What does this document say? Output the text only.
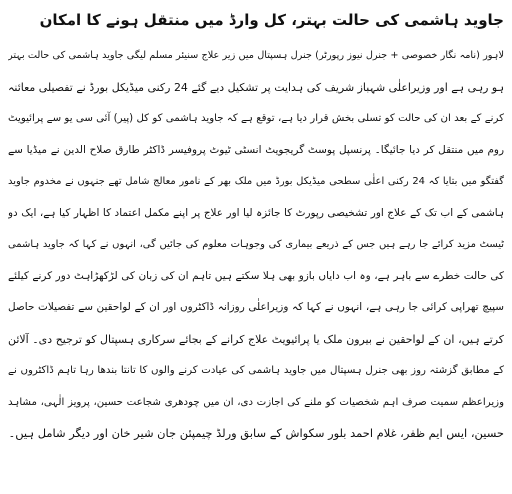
جاوید ہاشمی کی حالت بہتر، کل وارڈ میں منتقل ہونے کا امکان
لاہور (نامہ نگار خصوصی + جنرل نیوز رپورٹر) جنرل ہسپتال میں زیر علاج سنیئر مسلم لیگی جاوید ہاشمی کی حالت بہتر
ہو رہی ہے اور وزیراعلٰی شہباز شریف کی ہدایت پر تشکیل دیے گئے 24 رکنی میڈیکل بورڈ نے تفصیلی معائنہ
کرنے کے بعد ان کی حالت کو تسلی بخش قرار دیا ہے، توقع ہے کہ جاوید ہاشمی کو کل (پیر) آئی سی یو سے پرائیویٹ
روم میں منتقل کر دیا جائیگا۔ پرنسپل پوسٹ گریجویٹ انسٹی ٹیوٹ پروفیسر ڈاکٹر طارق صلاح الدین نے میڈیا سے
گفتگو میں بتایا کہ 24 رکنی اعلٰی سطحی میڈیکل بورڈ میں ملک بھر کے نامور معالج شامل تھے جنہوں نے مخدوم جاوید
ہاشمی کے اب تک کے علاج اور تشخیصی رپورٹ کا جائزہ لیا اور علاج پر اپنے مکمل اعتماد کا اظہار کیا ہے، ایک دو
ٹیسٹ مزید کرائے جا رہے ہیں جس کے ذریعے بیماری کی وجوہات معلوم کی جائیں گی، انہوں نے کہا کہ جاوید ہاشمی
کی حالت خطرے سے باہر ہے، وہ اب دایاں بازو بھی ہلا سکتے ہیں تاہم ان کی زبان کی لڑکھڑاہٹ دور کرنے کیلئے
سپیچ تھراپی کرائی جا رہی ہے، انہوں نے کہا کہ وزیراعلٰی روزانہ ڈاکٹروں اور ان کے لواحقین سے تفصیلات حاصل
کرتے ہیں، ان کے لواحقین نے بیرون ملک یا پرائیویٹ علاج کرانے کے بجائے سرکاری ہسپتال کو ترجیح دی۔ آلائن
کے مطابق گزشتہ روز بھی جنرل ہسپتال میں جاوید ہاشمی کی عیادت کرنے والوں کا تانتا بندھا رہا تاہم ڈاکٹروں نے
وزیراعظم سمیت صرف اہم شخصیات کو ملنے کی اجازت دی، ان میں چودھری شجاعت حسین، پرویز الٰہی، مشاہد
حسین، ایس ایم ظفر، غلام احمد بلور سکواش کے سابق ورلڈ چیمپئن جان شیر خان اور دیگر شامل ہیں۔
